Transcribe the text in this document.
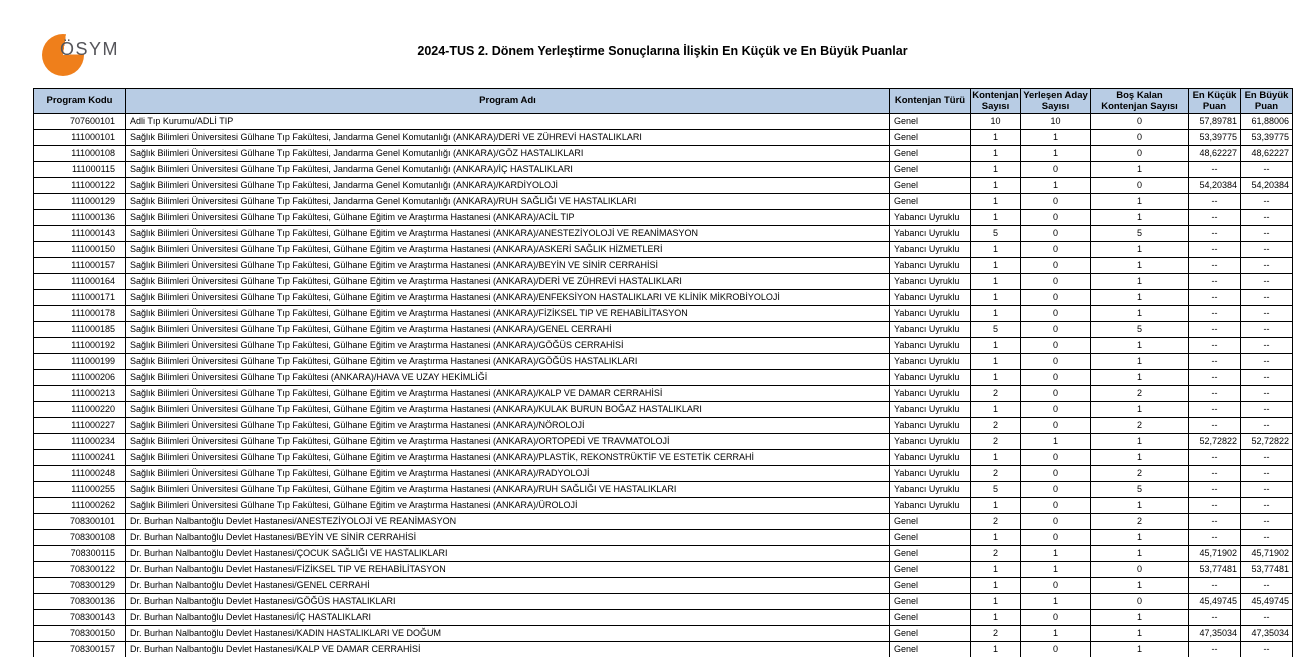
ÖSYM	2024-TUS 2. Dönem Yerleştirme Sonuçlarına İlişkin En Küçük ve En Büyük Puanlar
Program Kodu	Program Adı	Kontenjan Türü	Kontenjan Sayısı	Yerleşen Aday Sayısı	Boş Kalan Kontenjan Sayısı	En Küçük Puan	En Büyük Puan
707600101	Adli Tıp Kurumu/ADLİ TIP	Genel	10	10	0	57,89781	61,88006
111000101	Sağlık Bilimleri Üniversitesi Gülhane Tıp Fakültesi, Jandarma Genel Komutanlığı (ANKARA)/DERİ VE ZÜHREVİ HASTALIKLARI	Genel	1	1	0	53,39775	53,39775
111000108	Sağlık Bilimleri Üniversitesi Gülhane Tıp Fakültesi, Jandarma Genel Komutanlığı (ANKARA)/GÖZ HASTALIKLARI	Genel	1	1	0	48,62227	48,62227
111000115	Sağlık Bilimleri Üniversitesi Gülhane Tıp Fakültesi, Jandarma Genel Komutanlığı (ANKARA)/İÇ HASTALIKLARI	Genel	1	0	1	--	--
111000122	Sağlık Bilimleri Üniversitesi Gülhane Tıp Fakültesi, Jandarma Genel Komutanlığı (ANKARA)/KARDİYOLOJİ	Genel	1	1	0	54,20384	54,20384
111000129	Sağlık Bilimleri Üniversitesi Gülhane Tıp Fakültesi, Jandarma Genel Komutanlığı (ANKARA)/RUH SAĞLIĞI VE HASTALIKLARI	Genel	1	0	1	--	--
111000136	Sağlık Bilimleri Üniversitesi Gülhane Tıp Fakültesi, Gülhane Eğitim ve Araştırma Hastanesi (ANKARA)/ACİL TIP	Yabancı Uyruklu	1	0	1	--	--
111000143	Sağlık Bilimleri Üniversitesi Gülhane Tıp Fakültesi, Gülhane Eğitim ve Araştırma Hastanesi (ANKARA)/ANESTEZİYOLOJİ VE REANİMASYON	Yabancı Uyruklu	5	0	5	--	--
111000150	Sağlık Bilimleri Üniversitesi Gülhane Tıp Fakültesi, Gülhane Eğitim ve Araştırma Hastanesi (ANKARA)/ASKERİ SAĞLIK HİZMETLERİ	Yabancı Uyruklu	1	0	1	--	--
111000157	Sağlık Bilimleri Üniversitesi Gülhane Tıp Fakültesi, Gülhane Eğitim ve Araştırma Hastanesi (ANKARA)/BEYİN VE SİNİR CERRAHİSİ	Yabancı Uyruklu	1	0	1	--	--
111000164	Sağlık Bilimleri Üniversitesi Gülhane Tıp Fakültesi, Gülhane Eğitim ve Araştırma Hastanesi (ANKARA)/DERİ VE ZÜHREVİ HASTALIKLARI	Yabancı Uyruklu	1	0	1	--	--
111000171	Sağlık Bilimleri Üniversitesi Gülhane Tıp Fakültesi, Gülhane Eğitim ve Araştırma Hastanesi (ANKARA)/ENFEKSİYON HASTALIKLARI VE KLİNİK MİKROBİYOLOJİ	Yabancı Uyruklu	1	0	1	--	--
111000178	Sağlık Bilimleri Üniversitesi Gülhane Tıp Fakültesi, Gülhane Eğitim ve Araştırma Hastanesi (ANKARA)/FİZİKSEL TIP VE REHABİLİTASYON	Yabancı Uyruklu	1	0	1	--	--
111000185	Sağlık Bilimleri Üniversitesi Gülhane Tıp Fakültesi, Gülhane Eğitim ve Araştırma Hastanesi (ANKARA)/GENEL CERRAHİ	Yabancı Uyruklu	5	0	5	--	--
111000192	Sağlık Bilimleri Üniversitesi Gülhane Tıp Fakültesi, Gülhane Eğitim ve Araştırma Hastanesi (ANKARA)/GÖĞÜS CERRAHİSİ	Yabancı Uyruklu	1	0	1	--	--
111000199	Sağlık Bilimleri Üniversitesi Gülhane Tıp Fakültesi, Gülhane Eğitim ve Araştırma Hastanesi (ANKARA)/GÖĞÜS HASTALIKLARI	Yabancı Uyruklu	1	0	1	--	--
111000206	Sağlık Bilimleri Üniversitesi Gülhane Tıp Fakültesi (ANKARA)/HAVA VE UZAY HEKİMLİĞİ	Yabancı Uyruklu	1	0	1	--	--
111000213	Sağlık Bilimleri Üniversitesi Gülhane Tıp Fakültesi, Gülhane Eğitim ve Araştırma Hastanesi (ANKARA)/KALP VE DAMAR CERRAHİSİ	Yabancı Uyruklu	2	0	2	--	--
111000220	Sağlık Bilimleri Üniversitesi Gülhane Tıp Fakültesi, Gülhane Eğitim ve Araştırma Hastanesi (ANKARA)/KULAK BURUN BOĞAZ HASTALIKLARI	Yabancı Uyruklu	1	0	1	--	--
111000227	Sağlık Bilimleri Üniversitesi Gülhane Tıp Fakültesi, Gülhane Eğitim ve Araştırma Hastanesi (ANKARA)/NÖROLOJİ	Yabancı Uyruklu	2	0	2	--	--
111000234	Sağlık Bilimleri Üniversitesi Gülhane Tıp Fakültesi, Gülhane Eğitim ve Araştırma Hastanesi (ANKARA)/ORTOPEDİ VE TRAVMATOLOJİ	Yabancı Uyruklu	2	1	1	52,72822	52,72822
111000241	Sağlık Bilimleri Üniversitesi Gülhane Tıp Fakültesi, Gülhane Eğitim ve Araştırma Hastanesi (ANKARA)/PLASTİK, REKONSTRÜKTİF VE ESTETİK CERRAHİ	Yabancı Uyruklu	1	0	1	--	--
111000248	Sağlık Bilimleri Üniversitesi Gülhane Tıp Fakültesi, Gülhane Eğitim ve Araştırma Hastanesi (ANKARA)/RADYOLOJİ	Yabancı Uyruklu	2	0	2	--	--
111000255	Sağlık Bilimleri Üniversitesi Gülhane Tıp Fakültesi, Gülhane Eğitim ve Araştırma Hastanesi (ANKARA)/RUH SAĞLIĞI VE HASTALIKLARI	Yabancı Uyruklu	5	0	5	--	--
111000262	Sağlık Bilimleri Üniversitesi Gülhane Tıp Fakültesi, Gülhane Eğitim ve Araştırma Hastanesi (ANKARA)/ÜROLOJİ	Yabancı Uyruklu	1	0	1	--	--
708300101	Dr. Burhan Nalbantoğlu Devlet Hastanesi/ANESTEZİYOLOJİ VE REANİMASYON	Genel	2	0	2	--	--
708300108	Dr. Burhan Nalbantoğlu Devlet Hastanesi/BEYİN VE SİNİR CERRAHİSİ	Genel	1	0	1	--	--
708300115	Dr. Burhan Nalbantoğlu Devlet Hastanesi/ÇOCUK SAĞLIĞI VE HASTALIKLARI	Genel	2	1	1	45,71902	45,71902
708300122	Dr. Burhan Nalbantoğlu Devlet Hastanesi/FİZİKSEL TIP VE REHABİLİTASYON	Genel	1	1	0	53,77481	53,77481
708300129	Dr. Burhan Nalbantoğlu Devlet Hastanesi/GENEL CERRAHİ	Genel	1	0	1	--	--
708300136	Dr. Burhan Nalbantoğlu Devlet Hastanesi/GÖĞÜS HASTALIKLARI	Genel	1	1	0	45,49745	45,49745
708300143	Dr. Burhan Nalbantoğlu Devlet Hastanesi/İÇ HASTALIKLARI	Genel	1	0	1	--	--
708300150	Dr. Burhan Nalbantoğlu Devlet Hastanesi/KADIN HASTALIKLARI VE DOĞUM	Genel	2	1	1	47,35034	47,35034
708300157	Dr. Burhan Nalbantoğlu Devlet Hastanesi/KALP VE DAMAR CERRAHİSİ	Genel	1	0	1	--	--
